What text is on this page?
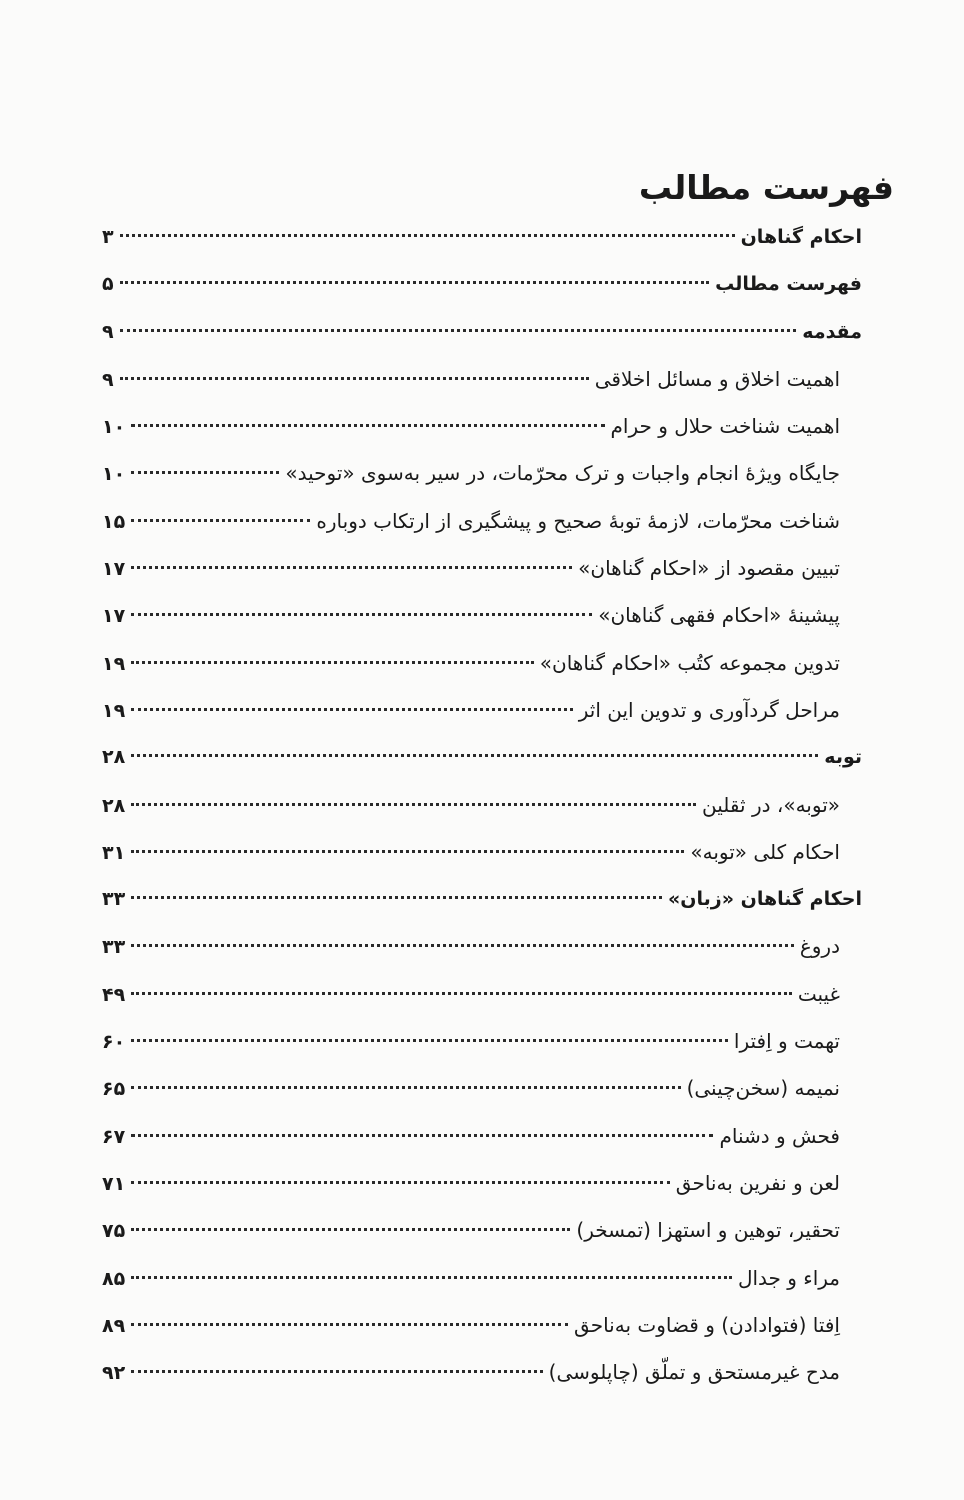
فهرست مطالب
احکام گناهان
۳
فهرست مطالب
۵
مقدمه
۹
اهمیت اخلاق و مسائل اخلاقی
۹
اهمیت شناخت حلال و حرام
۱۰
جایگاه ویژهٔ انجام واجبات و ترک محرّمات، در سیر به‌سوی «توحید»
۱۰
شناخت محرّمات، لازمهٔ توبهٔ صحیح و پیشگیری از ارتکاب دوباره
۱۵
تبیین مقصود از «احکام گناهان»
۱۷
پیشینهٔ «احکام فقهی گناهان»
۱۷
تدوین مجموعه کتُب «احکام گناهان»
۱۹
مراحل گردآوری و تدوین این اثر
۱۹
توبه
۲۸
«توبه»، در ثقلین
۲۸
احکام کلی «توبه»
۳۱
احکام گناهان «زبان»
۳۳
دروغ
۳۳
غیبت
۴۹
تهمت و اِفترا
۶۰
نمیمه (سخن‌چینی)
۶۵
فحش و دشنام
۶۷
لعن و نفرین به‌ناحق
۷۱
تحقیر، توهین و استهزا (تمسخر)
۷۵
مراء و جدال
۸۵
اِفتا (فتوادادن) و قضاوت به‌ناحق
۸۹
مدح غیرمستحق و تملّق (چاپلوسی)
۹۲
